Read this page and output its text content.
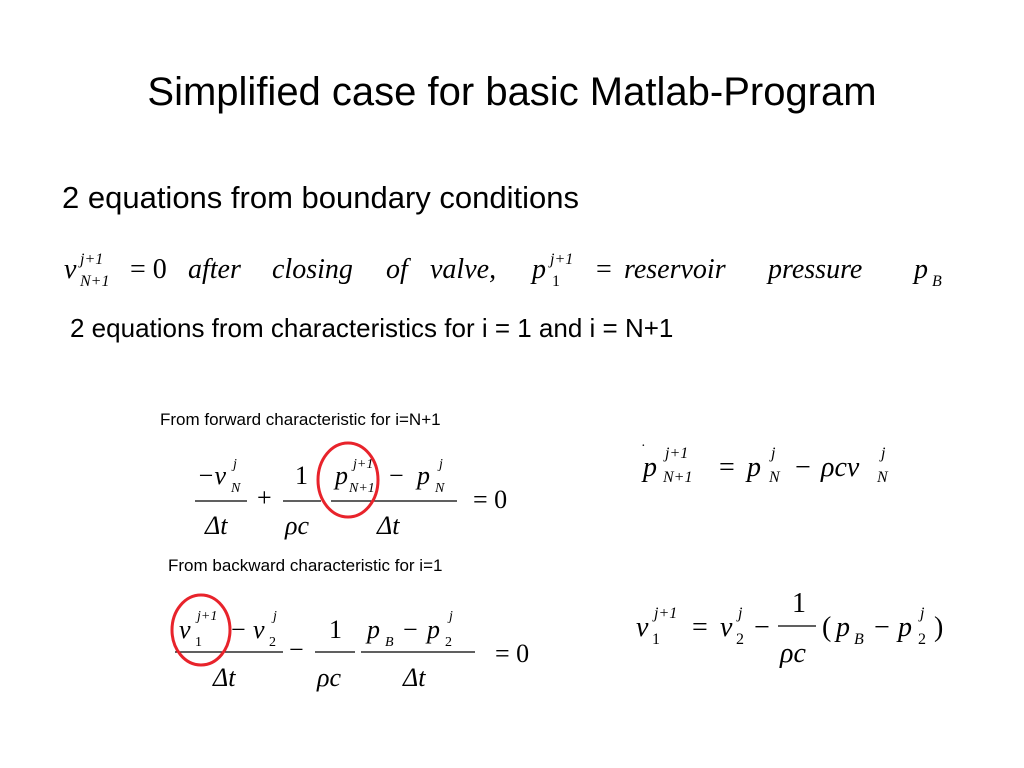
Simplified case for basic Matlab-Program
2 equations from boundary conditions
v j+1
N+1 = 0 after closing of valve, p j+1
1 = reservoir pressure p B
2 equations from characteristics for i = 1 and i = N+1
From forward characteristic for i=N+1
−v j
N
Δt
+
1
ρc
p j+1
N+1 − p j
N
Δt
= 0
·
p j+1
N+1 = p j
N − ρcv j
N
From backward characteristic for i=1
v j+1
1 − v j
2
Δt
−
1
ρc
p B − p j
2
Δt
= 0
v j+1
1 = v j
2 −
1
ρc
( p B − p j
2 )
